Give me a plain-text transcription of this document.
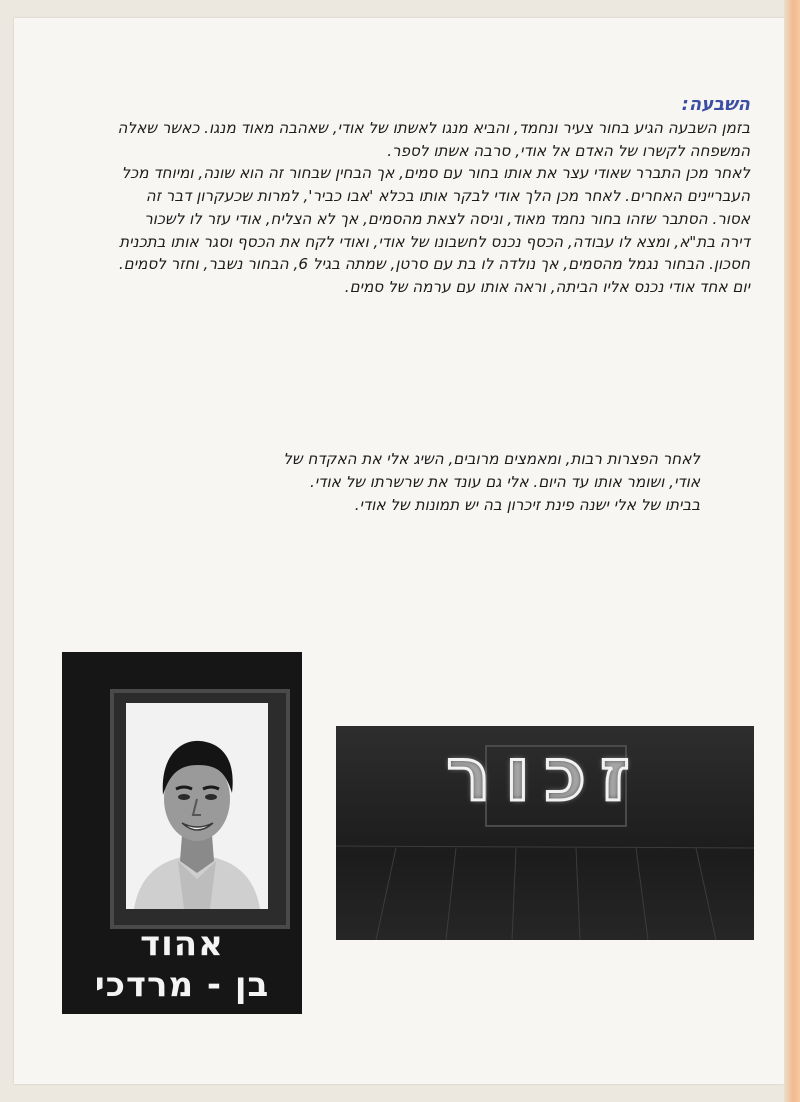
השבעה:

בזמן השבעה הגיע בחור צעיר ונחמד, והביא מנגו לאשתו של אודי, שאהבה מאוד מנגו. כאשר שאלה המשפחה לקשרו של האדם אל אודי, סרבה אשתו לספר.

לאחר מכן התברר שאודי עצר את אותו בחור עם סמים, אך הבחין שבחור זה הוא שונה, ומיוחד מכל העבריינים האחרים. לאחר מכן הלך אודי לבקר אותו בכלא 'אבו כביר', למרות שכעקרון דבר זה אסור. הסתבר שזהו בחור נחמד מאוד, וניסה לצאת מהסמים, אך לא הצליח, אודי עזר לו לשכור דירה בת"א, ומצא לו עבודה, הכסף נכנס לחשבונו של אודי, ואודי לקח את הכסף וסגר אותו בתכנית חסכון. הבחור נגמל מהסמים, אך נולדה לו בת עם סרטן, שמתה בגיל 6, הבחור נשבר, וחזר לסמים. יום אחד אודי נכנס אליו הביתה, וראה אותו עם ערמה של סמים.

לאחר הפצרות רבות, ומאמצים מרובים, השיג אלי את האקדח של אודי, ושומר אותו עד היום. אלי גם עונד את שרשרתו של אודי.

בביתו של אלי ישנה פינת זיכרון בה יש תמונות של אודי.

אהוד
בן - מרדכי
זכור
